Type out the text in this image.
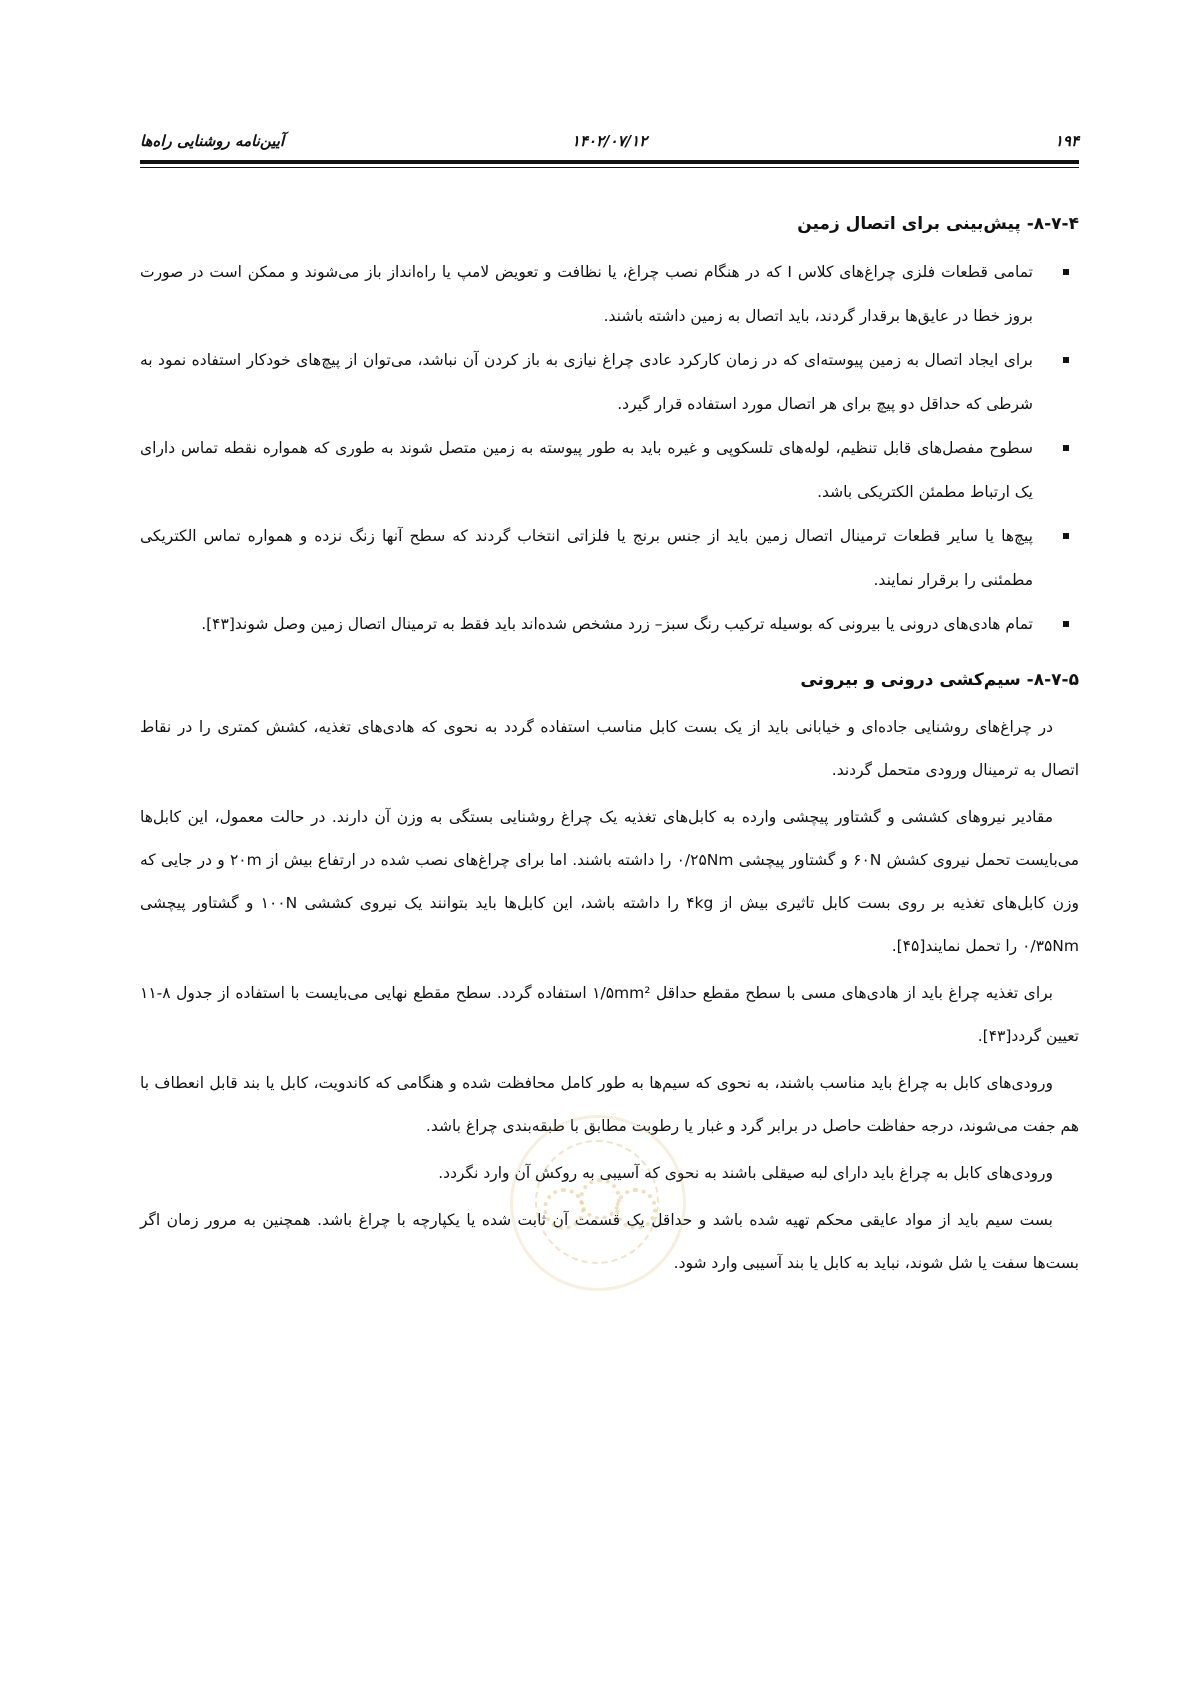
۱۹۴
۱۴۰۲/۰۷/۱۲
آیین‌نامه روشنایی راه‌ها
۸-۷-۴- پیش‌بینی برای اتصال زمین
تمامی قطعات فلزی چراغ‌های کلاس I که در هنگام نصب چراغ، یا نظافت و تعویض لامپ یا راه‌انداز باز می‌شوند و ممکن است در صورت بروز خطا در عایق‌ها برقدار گردند، باید اتصال به زمین داشته باشند.
برای ایجاد اتصال به زمین پیوسته‌ای که در زمان کارکرد عادی چراغ نیازی به باز کردن آن نباشد، می‌توان از پیچ‌های خودکار استفاده نمود به شرطی که حداقل دو پیچ برای هر اتصال مورد استفاده قرار گیرد.
سطوح مفصل‌های قابل تنظیم، لوله‌های تلسکوپی و غیره باید به طور پیوسته به زمین متصل شوند به طوری که همواره نقطه تماس دارای یک ارتباط مطمئن الکتریکی باشد.
پیچ‌ها یا سایر قطعات ترمینال اتصال زمین باید از جنس برنج یا فلزاتی انتخاب گردند که سطح آنها زنگ نزده و همواره تماس الکتریکی مطمئنی را برقرار نمایند.
تمام هادی‌های درونی یا بیرونی که بوسیله ترکیب رنگ سبز– زرد مشخص شده‌اند باید فقط به ترمینال اتصال زمین وصل شوند[۴۳].
۸-۷-۵- سیم‌کشی درونی و بیرونی

در چراغ‌های روشنایی جاده‌ای و خیابانی باید از یک بست کابل مناسب استفاده گردد به نحوی که هادی‌های تغذیه، کشش کمتری را در نقاط اتصال به ترمینال ورودی متحمل گردند.

مقادیر نیروهای کششی و گشتاور پیچشی وارده به کابل‌های تغذیه یک چراغ روشنایی بستگی به وزن آن دارند. در حالت معمول، این کابل‌ها می‌بایست تحمل نیروی کشش ۶۰N و گشتاور پیچشی ۰/۲۵Nm را داشته باشند. اما برای چراغ‌های نصب شده در ارتفاع بیش از ۲۰m و در جایی که وزن کابل‌های تغذیه بر روی بست کابل تاثیری بیش از ۴kg را داشته باشد، این کابل‌ها باید بتوانند یک نیروی کششی ۱۰۰N و گشتاور پیچشی ۰/۳۵Nm را تحمل نمایند[۴۵].

برای تغذیه چراغ باید از هادی‌های مسی با سطح مقطع حداقل ۱/۵mm² استفاده گردد. سطح مقطع نهایی می‌بایست با استفاده از جدول ۸-۱۱ تعیین گردد[۴۳].

ورودی‌های کابل به چراغ باید مناسب باشند، به نحوی که سیم‌ها به طور کامل محافظت شده و هنگامی که کاندویت، کابل یا بند قابل انعطاف با هم جفت می‌شوند، درجه حفاظت حاصل در برابر گرد و غبار یا رطوبت مطابق با طبقه‌بندی چراغ باشد.

ورودی‌های کابل به چراغ باید دارای لبه صیقلی باشند به نحوی که آسیبی به روکش آن وارد نگردد.

بست سیم باید از مواد عایقی محکم تهیه شده باشد و حداقل یک قسمت آن ثابت شده یا یکپارچه با چراغ باشد. همچنین به مرور زمان اگر بست‌ها سفت یا شل شوند، نباید به کابل یا بند آسیبی وارد شود.
